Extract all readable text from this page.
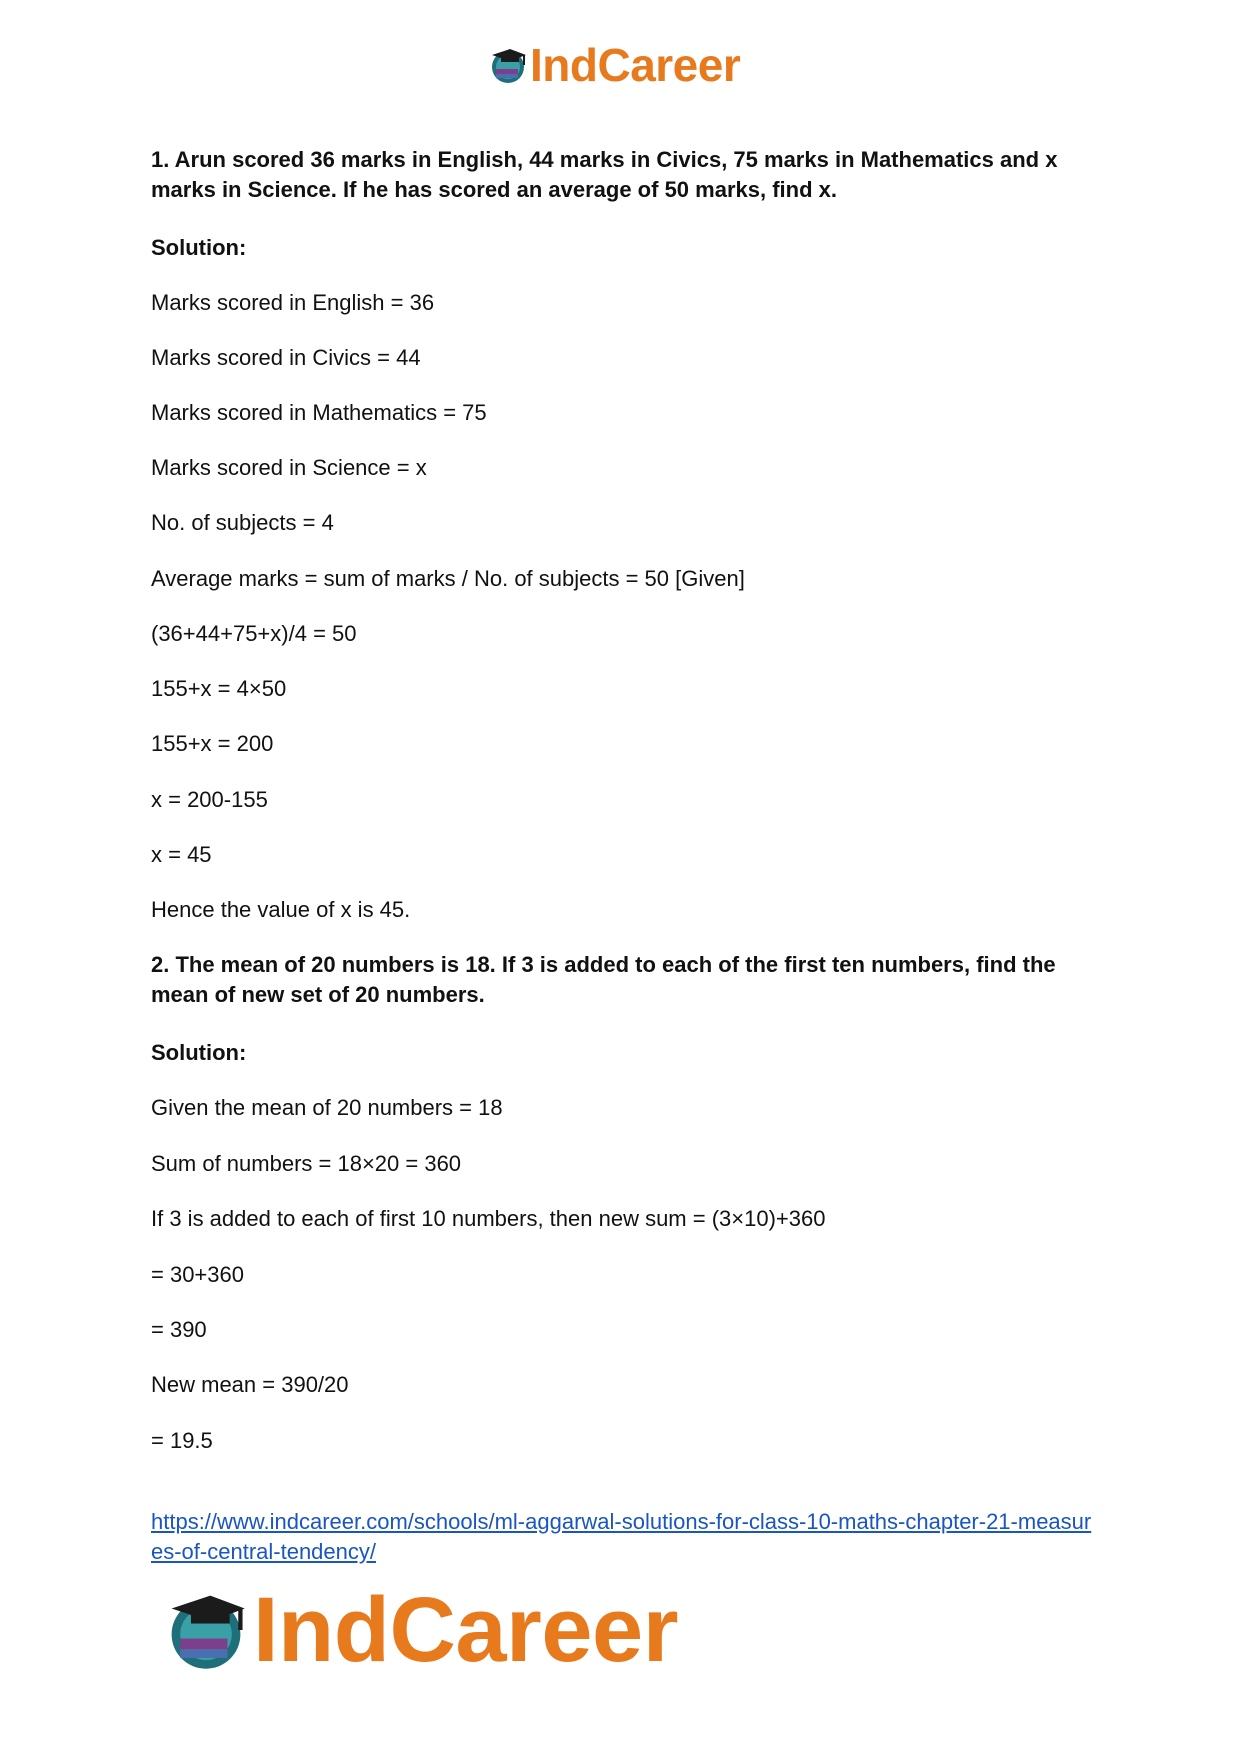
IndCareer
1. Arun scored 36 marks in English, 44 marks in Civics, 75 marks in Mathematics and x marks in Science. If he has scored an average of 50 marks, find x.
Solution:
Marks scored in English = 36
Marks scored in Civics = 44
Marks scored in Mathematics = 75
Marks scored in Science = x
No. of subjects = 4
Average marks = sum of marks / No. of subjects = 50 [Given]
(36+44+75+x)/4 = 50
155+x = 4×50
155+x = 200
x = 200-155
x = 45
Hence the value of x is 45.
2. The mean of 20 numbers is 18. If 3 is added to each of the first ten numbers, find the mean of new set of 20 numbers.
Solution:
Given the mean of 20 numbers = 18
Sum of numbers = 18×20 = 360
If 3 is added to each of first 10 numbers, then new sum = (3×10)+360
= 30+360
= 390
New mean = 390/20
= 19.5
https://www.indcareer.com/schools/ml-aggarwal-solutions-for-class-10-maths-chapter-21-measures-of-central-tendency/
IndCareer
